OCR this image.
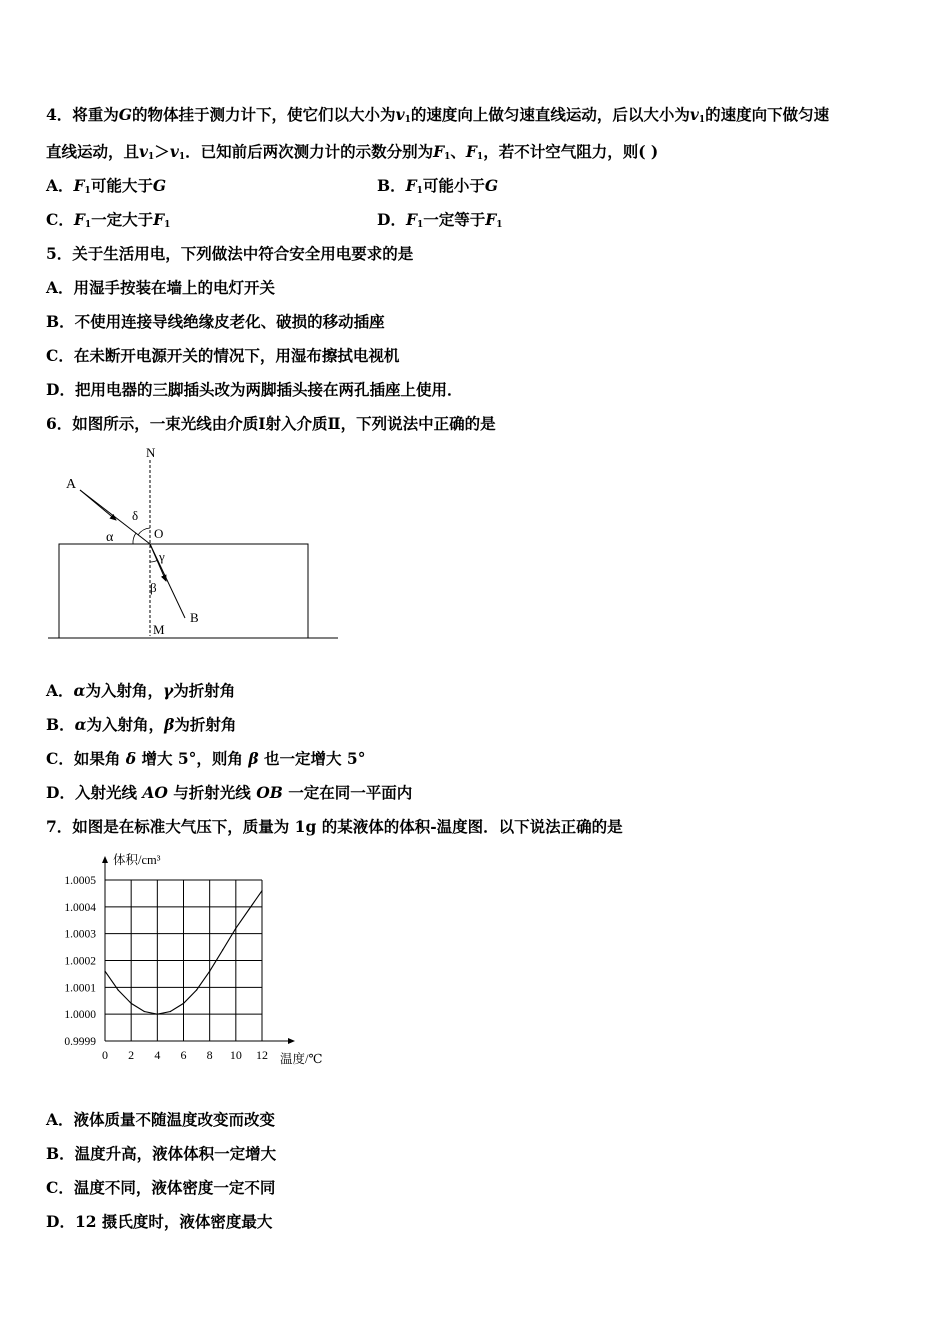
4．将重为G的物体挂于测力计下，使它们以大小为$v_1$的速度向上做匀速直线运动，后以大小为$v_1$的速度向下做匀速
直线运动，且$v_1>v_1$．已知前后两次测力计的示数分别为$F_1$、$F_1$，若不计空气阻力，则( )
A．$F_1$可能大于G	B．$F_1$可能小于G
C．$F_1$一定大于$F_1$	D．$F_1$一定等于$F_1$
5．关于生活用电，下列做法中符合安全用电要求的是
A．用湿手按装在墙上的电灯开关
B．不使用连接导线绝缘皮老化、破损的移动插座
C．在未断开电源开关的情况下，用湿布擦拭电视机
D．把用电器的三脚插头改为两脚插头接在两孔插座上使用．
6．如图所示，一束光线由介质Ⅰ射入介质Ⅱ，下列说法中正确的是
N
A
δ
α	O
γ
β
B
M
A．α为入射角，γ为折射角
B．α为入射角，β为折射角
C．如果角 δ 增大 5°，则角 β 也一定增大 5°
D．入射光线 AO 与折射光线 OB 一定在同一平面内
7．如图是在标准大气压下，质量为 1g 的某液体的体积-温度图．以下说法正确的是
0.9999
1.0000
1.0001
1.0002
1.0003
1.0004
1.0005
0 2 4 6 8 10 12
体积/cm³
温度/℃
A．液体质量不随温度改变而改变
B．温度升高，液体体积一定增大
C．温度不同，液体密度一定不同
D．12 摄氏度时，液体密度最大
